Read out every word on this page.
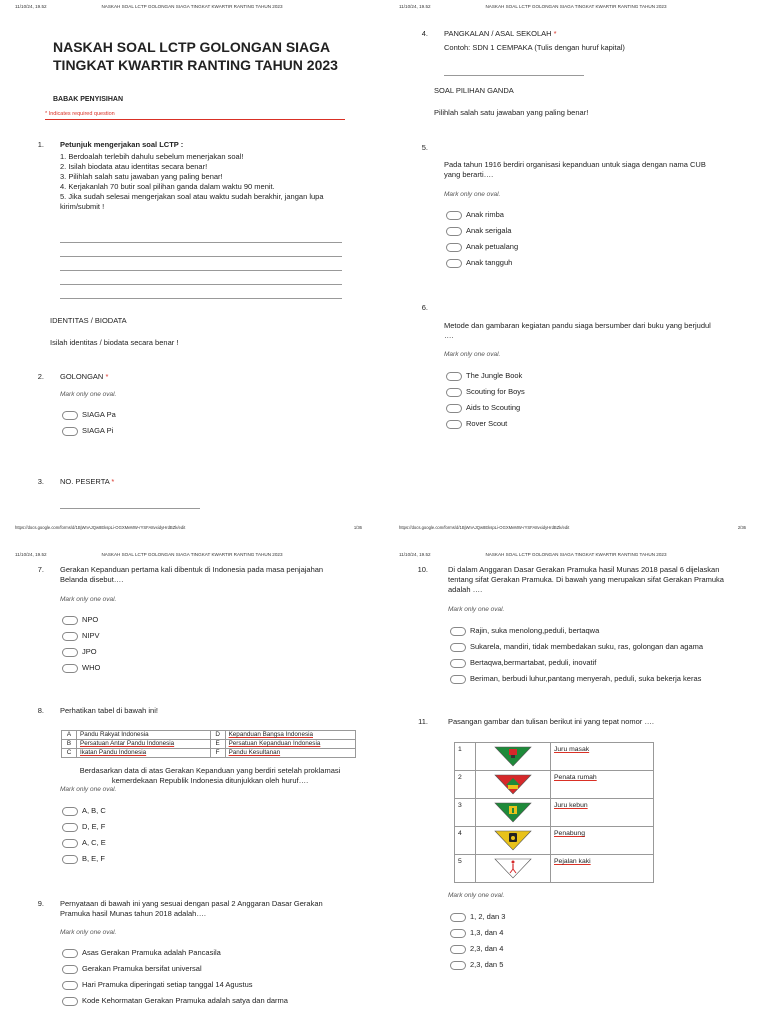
11/10/24, 19.52	NASKAH SOAL LCTP GOLONGAN SIAGA TINGKAT KWARTIR RANTING TAHUN 2023
NASKAH SOAL LCTP GOLONGAN SIAGA TINGKAT KWARTIR RANTING TAHUN 2023
BABAK PENYISIHAN
* Indicates required question
1. Petunjuk mengerjakan soal LCTP :
1. Berdoalah terlebih dahulu sebelum menerjakan soal!
2. Isilah biodata atau identitas secara benar!
3. Pilihlah salah satu jawaban yang paling benar!
4. Kerjakanlah 70 butir soal pilihan ganda dalam waktu 90 menit.
5. Jika sudah selesai mengerjakan soal atau waktu sudah berakhir, jangan lupa kirim/submit !
IDENTITAS / BIODATA
Isilah identitas / biodata secara benar !
2. GOLONGAN *
Mark only one oval.
SIAGA Pa
SIAGA Pi
3. NO. PESERTA *
11/10/24, 19.52	NASKAH SOAL LCTP GOLONGAN SIAGA TINGKAT KWARTIR RANTING TAHUN 2023
4. PANGKALAN / ASAL SEKOLAH *
Contoh: SDN 1 CEMPAKA (Tulis dengan huruf kapital)
SOAL PILIHAN GANDA
Pilihlah salah satu jawaban yang paling benar!
5.
Pada tahun 1916 berdiri organisasi kepanduan untuk siaga dengan nama CUB yang berarti….
Mark only one oval.
Anak rimba
Anak serigala
Anak petualang
Anak tangguh
6.
Metode dan gambaran kegiatan pandu siaga bersumber dari buku yang berjudul ….
Mark only one oval.
The Jungle Book
Scouting for Boys
Aids to Scouting
Rover Scout
https://docs.google.com/forms/d/1BjWnAJQw8EkspLi-OGXMeMW-rYSFA8vxidyHrdBZk/edit	1/36	https://docs.google.com/forms/d/1BjWnAJQw8EkspLi-OGXMeMW-rYSFA8vxidyHrdBZk/edit	2/36
11/10/24, 19.52	NASKAH SOAL LCTP GOLONGAN SIAGA TINGKAT KWARTIR RANTING TAHUN 2023
7. Gerakan Kepanduan pertama kali dibentuk di Indonesia pada masa penjajahan Belanda disebut….
Mark only one oval.
NPO
NIPV
JPO
WHO
8. Perhatikan tabel di bawah ini!
A	Pandu Rakyat Indonesia	D	Kepanduan Bangsa Indonesia
B	Persatuan Antar Pandu Indonesia	E	Persatuan Kepanduan Indonesia
C	Ikatan Pandu Indonesia	F	Pandu Kesultanan
Berdasarkan data di atas Gerakan Kepanduan yang berdiri setelah proklamasi kemerdekaan Republik Indonesia ditunjukkan oleh huruf….
Mark only one oval.
A, B, C
D, E, F
A, C, E
B, E, F
9. Pernyataan di bawah ini yang sesuai dengan pasal 2 Anggaran Dasar Gerakan Pramuka hasil Munas tahun 2018 adalah….
Mark only one oval.
Asas Gerakan Pramuka adalah Pancasila
Gerakan Pramuka bersifat universal
Hari Pramuka diperingati setiap tanggal 14 Agustus
Kode Kehormatan Gerakan Pramuka adalah satya dan darma
11/10/24, 19.52	NASKAH SOAL LCTP GOLONGAN SIAGA TINGKAT KWARTIR RANTING TAHUN 2023
10.	Di dalam Anggaran Dasar Gerakan Pramuka hasil Munas 2018 pasal 6 dijelaskan tentang sifat Gerakan Pramuka. Di bawah yang merupakan sifat Gerakan Pramuka adalah ….
Mark only one oval.
Rajin, suka menolong,peduli, bertaqwa
Sukarela, mandiri, tidak membedakan suku, ras, golongan dan agama
Bertaqwa,bermartabat, peduli, inovatif
Beriman, berbudi luhur,pantang menyerah, peduli, suka bekerja keras
11.	Pasangan gambar dan tulisan berikut ini yang tepat nomor ….
1		Juru masak
2		Penata rumah
3		Juru kebun
4		Penabung
5		Pejalan kaki
Mark only one oval.
1, 2, dan 3
1,3, dan 4
2,3, dan 4
2,3, dan 5
